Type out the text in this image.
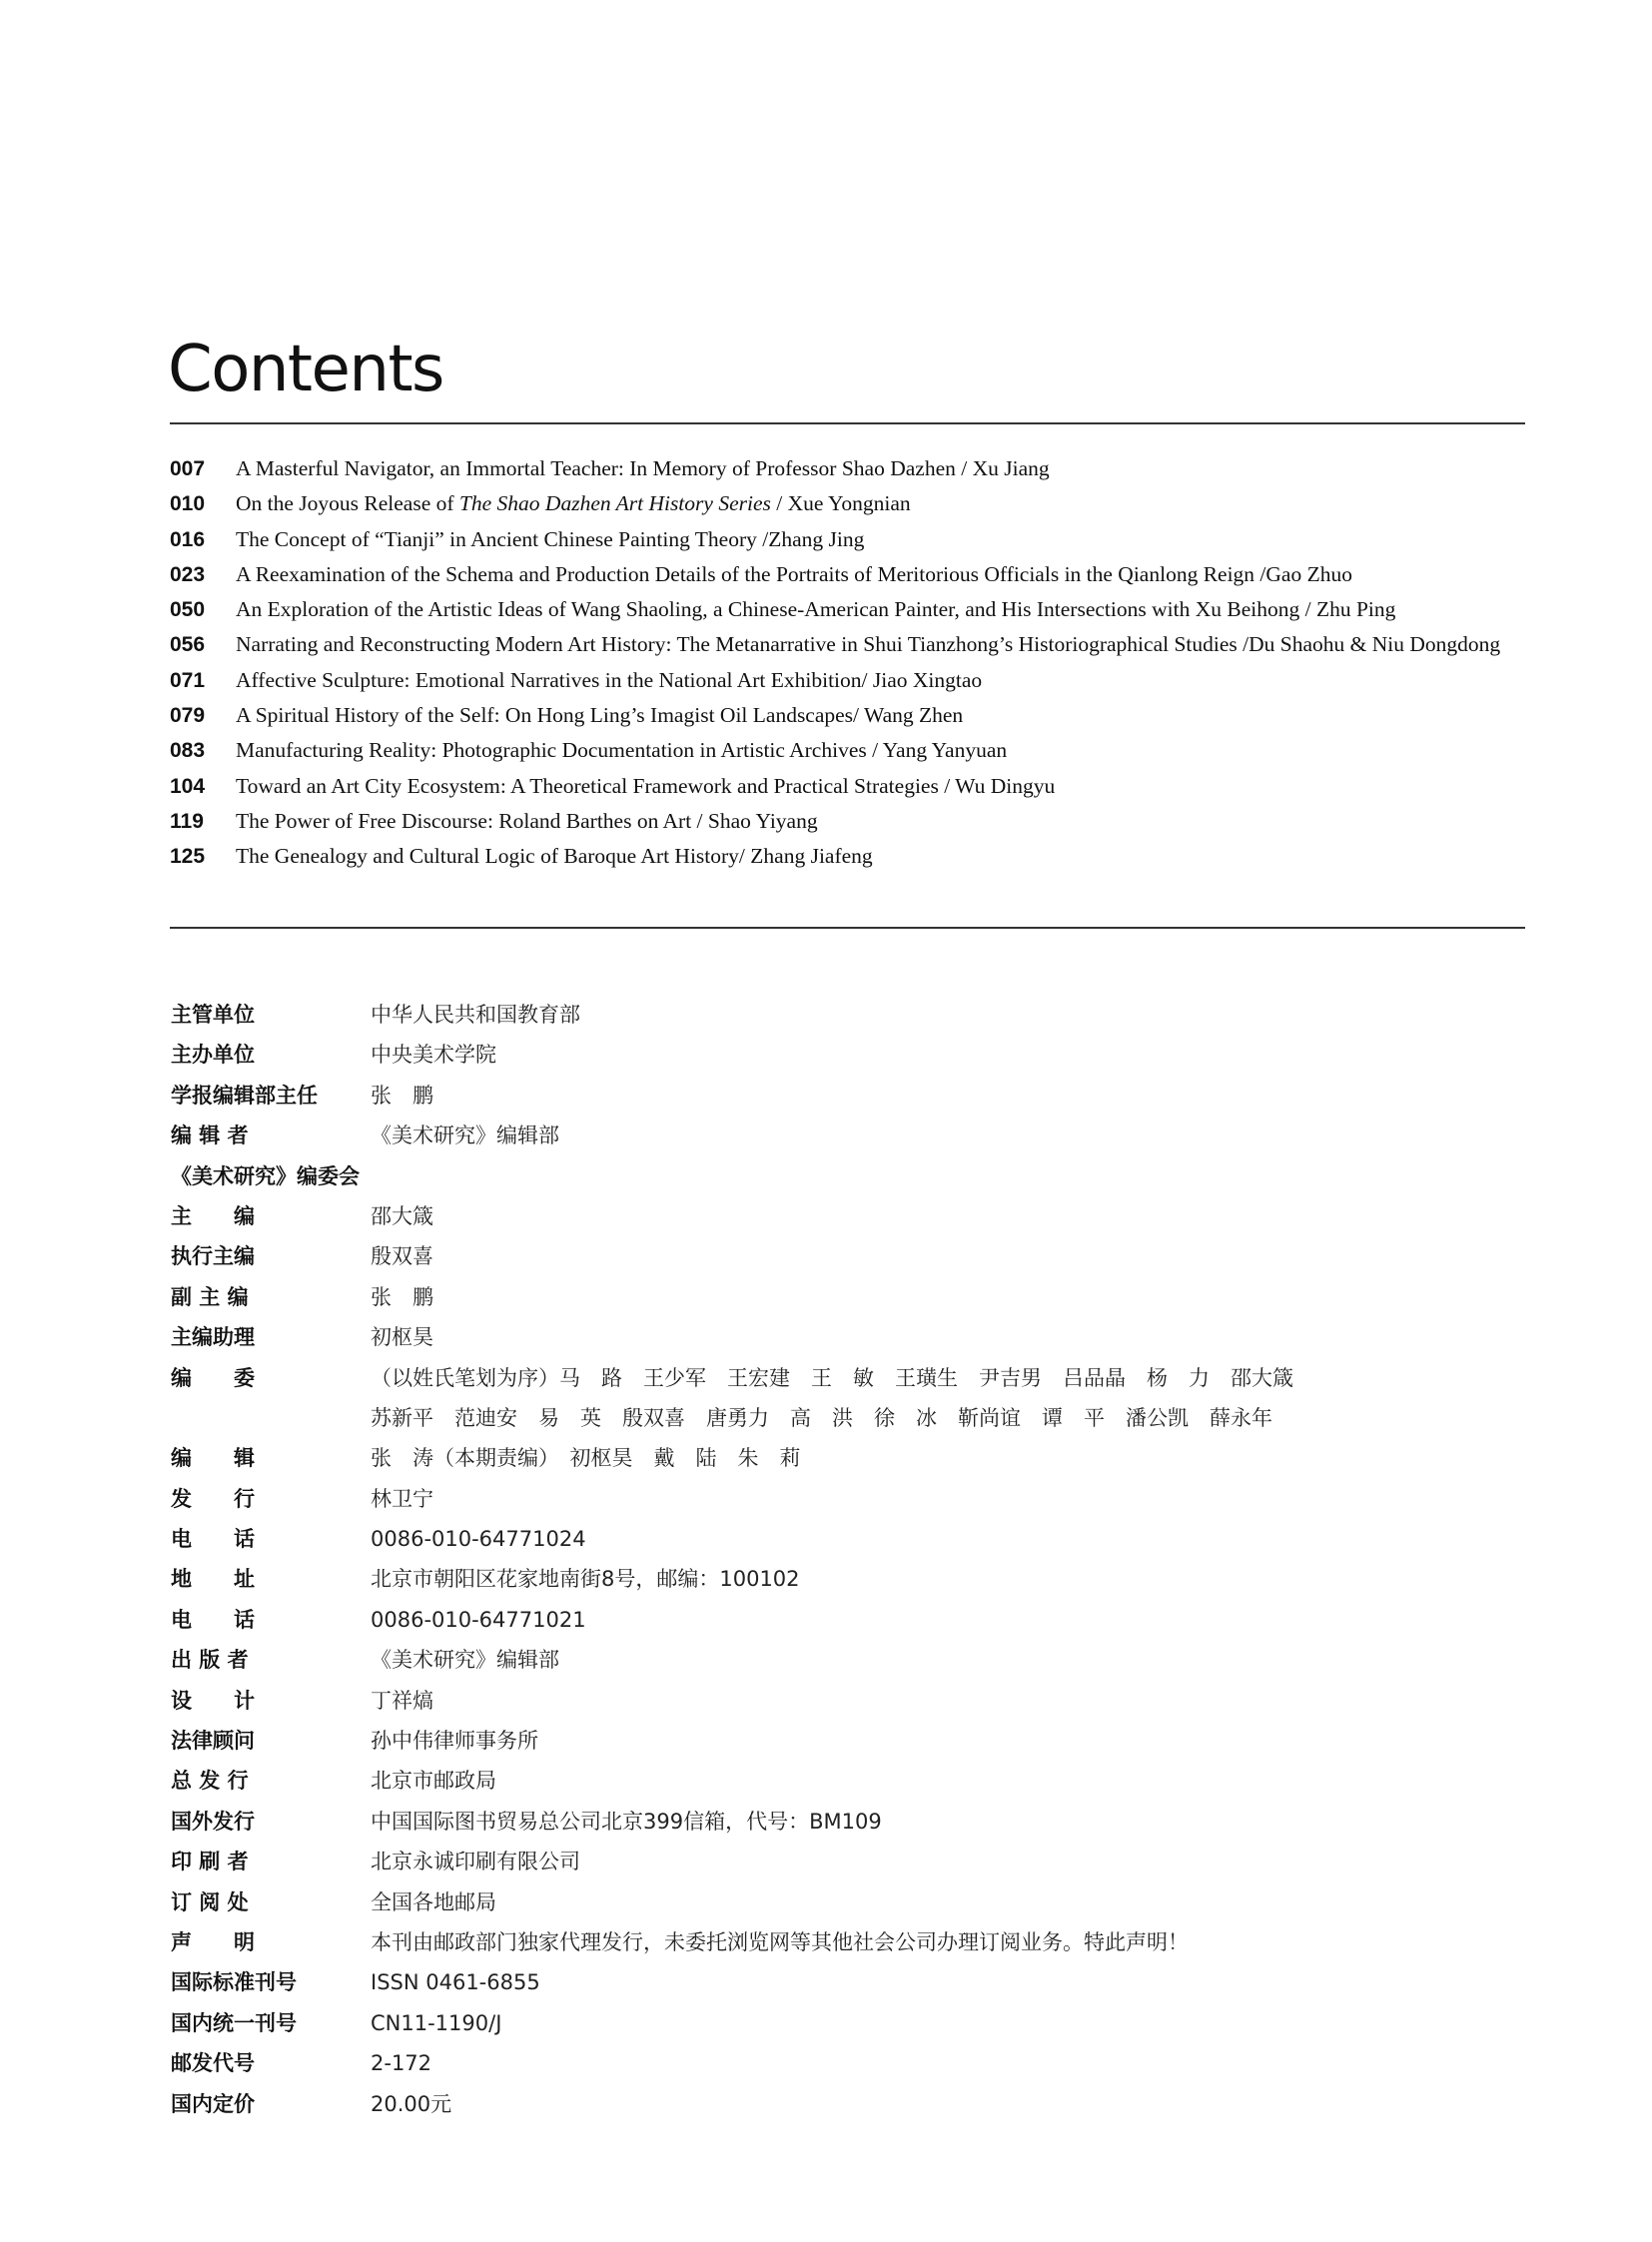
Contents
007	A Masterful Navigator, an Immortal Teacher: In Memory of Professor Shao Dazhen / Xu Jiang
010	On the Joyous Release of The Shao Dazhen Art History Series / Xue Yongnian
016	The Concept of “Tianji” in Ancient Chinese Painting Theory /Zhang Jing
023	A Reexamination of the Schema and Production Details of the Portraits of Meritorious Officials in the Qianlong Reign /Gao Zhuo
050	An Exploration of the Artistic Ideas of Wang Shaoling, a Chinese-American Painter, and His Intersections with Xu Beihong / Zhu Ping
056	Narrating and Reconstructing Modern Art History: The Metanarrative in Shui Tianzhong’s Historiographical Studies /Du Shaohu & Niu Dongdong
071	Affective Sculpture: Emotional Narratives in the National Art Exhibition/ Jiao Xingtao
079	A Spiritual History of the Self: On Hong Ling’s Imagist Oil Landscapes/ Wang Zhen
083	Manufacturing Reality: Photographic Documentation in Artistic Archives / Yang Yanyuan
104	Toward an Art City Ecosystem: A Theoretical Framework and Practical Strategies / Wu Dingyu
119	The Power of Free Discourse: Roland Barthes on Art / Shao Yiyang
125	The Genealogy and Cultural Logic of Baroque Art History/ Zhang Jiafeng
主管单位	中华人民共和国教育部
主办单位	中央美术学院
学报编辑部主任	张　鹏
编 辑 者	《美术研究》编辑部
《美术研究》编委会
主　　编	邵大箴
执行主编	殷双喜
副 主 编	张　鹏
主编助理	初枢昊
编　　委	（以姓氏笔划为序）马　路　王少军　王宏建　王　敏　王璜生　尹吉男　吕品晶　杨　力　邵大箴
苏新平　范迪安　易　英　殷双喜　唐勇力　高　洪　徐　冰　靳尚谊　谭　平　潘公凯　薛永年
编　　辑	张　涛（本期责编）　初枢昊　戴　陆　朱　莉
发　　行	林卫宁
电　　话	0086-010-64771024
地　　址	北京市朝阳区花家地南街8号，邮编：100102
电　　话	0086-010-64771021
出 版 者	《美术研究》编辑部
设　　计	丁祥熇
法律顾问	孙中伟律师事务所
总 发 行	北京市邮政局
国外发行	中国国际图书贸易总公司北京399信箱，代号：BM109
印 刷 者	北京永诚印刷有限公司
订 阅 处	全国各地邮局
声　　明	本刊由邮政部门独家代理发行，未委托浏览网等其他社会公司办理订阅业务。特此声明！
国际标准刊号	ISSN 0461-6855
国内统一刊号	CN11-1190/J
邮发代号	2-172
国内定价	20.00元
